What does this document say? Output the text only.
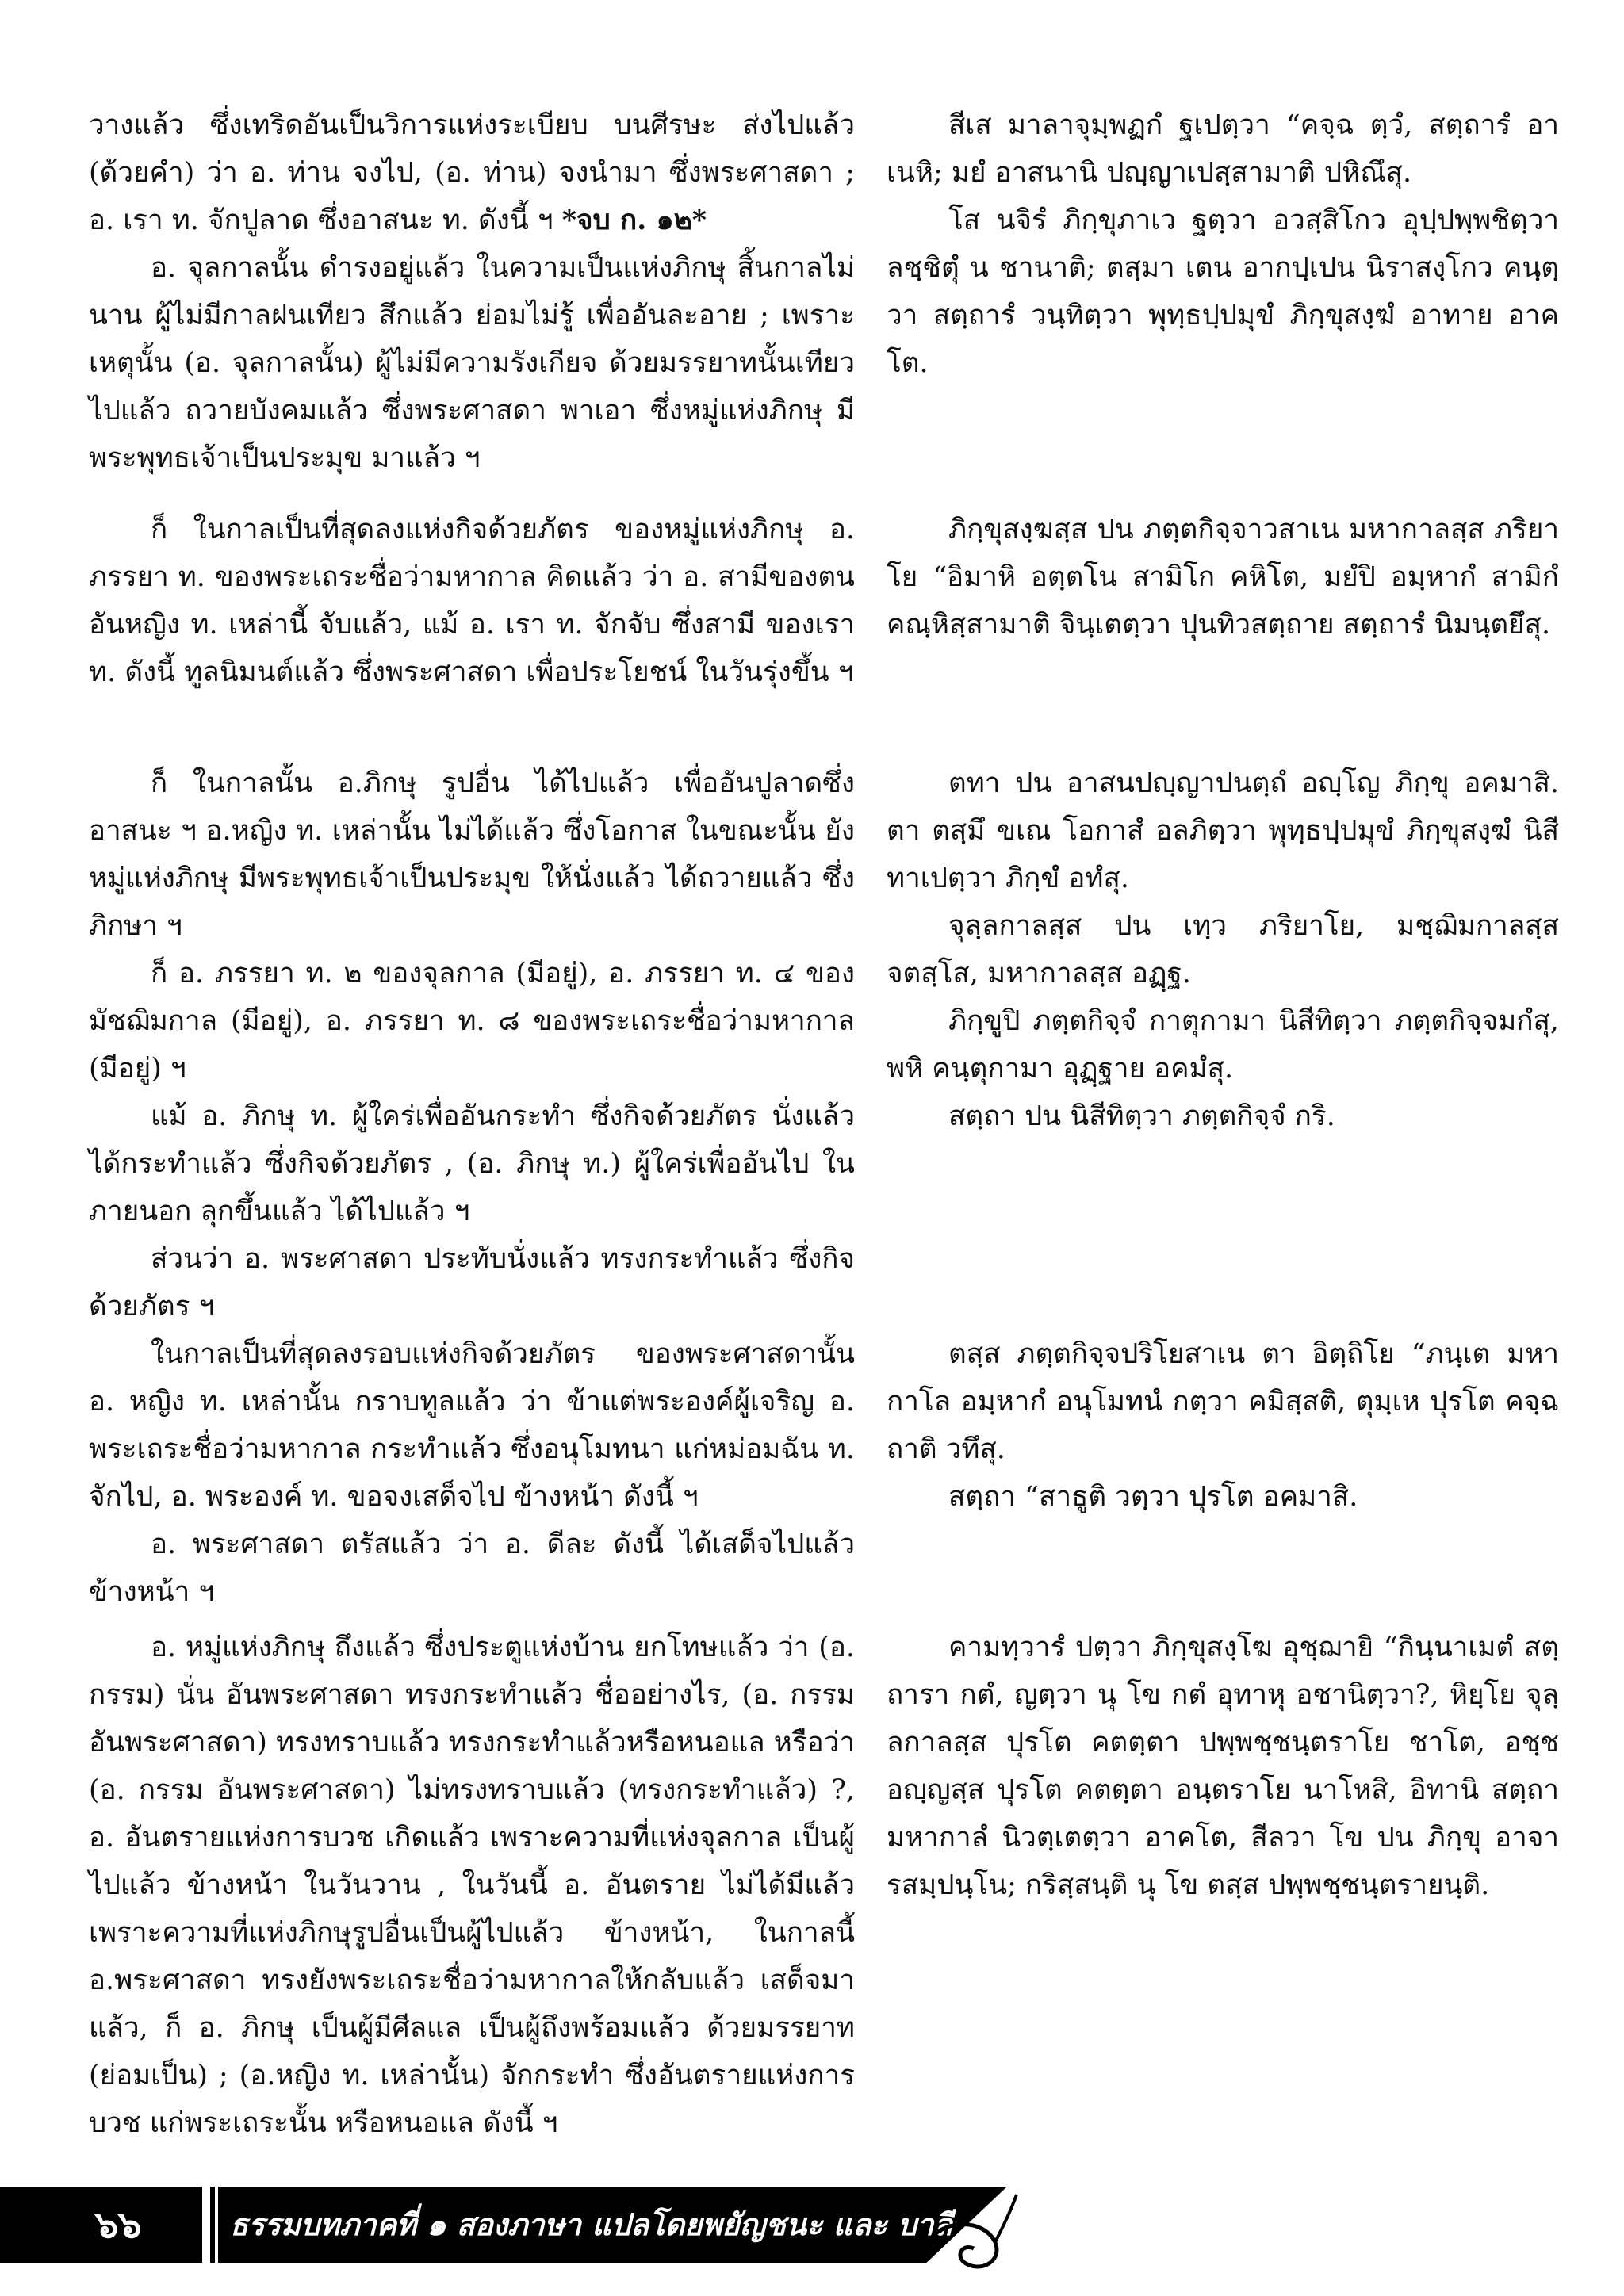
วางแล้ว ซึ่งเทริดอันเป็นวิการแห่งระเบียบ บนศีรษะ ส่งไปแล้ว (ด้วยคำ) ว่า อ. ท่าน จงไป, (อ. ท่าน) จงนำมา ซึ่งพระศาสดา ; อ. เรา ท. จักปูลาด ซึ่งอาสนะ ท. ดังนี้ ฯ *จบ ก. ๑๒*

อ. จุลกาลนั้น ดำรงอยู่แล้ว ในความเป็นแห่งภิกษุ สิ้นกาลไม่นาน ผู้ไม่มีกาลฝนเทียว สึกแล้ว ย่อมไม่รู้ เพื่ออันละอาย ; เพราะเหตุนั้น (อ. จุลกาลนั้น) ผู้ไม่มีความรังเกียจ ด้วยมรรยาทนั้นเทียว ไปแล้ว ถวายบังคมแล้ว ซึ่งพระศาสดา พาเอา ซึ่งหมู่แห่งภิกษุ มีพระพุทธเจ้าเป็นประมุข มาแล้ว ฯ

สีเส มาลาจุมฺพฏกํ ฐเปตฺวา “คจฺฉ ตฺวํ, สตฺถารํ อาเนหิ; มยํ อาสนานิ ปญฺญาเปสฺสามาติ ปหิณึสุ.

โส นจิรํ ภิกฺขุภาเว ฐตฺวา อวสฺสิโกว อุปฺปพฺพชิตฺวา ลชฺชิตุํ น ชานาติ; ตสฺมา เตน อากปฺเปน นิราสงฺโกว คนฺตฺวา สตฺถารํ วนฺทิตฺวา พุทฺธปฺปมุขํ ภิกฺขุสงฺฆํ อาทาย อาคโต.

ก็ ในกาลเป็นที่สุดลงแห่งกิจด้วยภัตร ของหมู่แห่งภิกษุ อ. ภรรยา ท. ของพระเถระชื่อว่ามหากาล คิดแล้ว ว่า อ. สามีของตน อันหญิง ท. เหล่านี้ จับแล้ว, แม้ อ. เรา ท. จักจับ ซึ่งสามี ของเรา ท. ดังนี้ ทูลนิมนต์แล้ว ซึ่งพระศาสดา เพื่อประโยชน์ ในวันรุ่งขึ้น ฯ

ภิกฺขุสงฺฆสฺส ปน ภตฺตกิจฺจาวสาเน มหากาลสฺส ภริยาโย “อิมาหิ อตฺตโน สามิโก คหิโต, มยํปิ อมฺหากํ สามิกํ คณฺหิสฺสามาติ จินฺเตตฺวา ปุนทิวสตฺถาย สตฺถารํ นิมนฺตยึสุ.

ก็ ในกาลนั้น อ.ภิกษุ รูปอื่น ได้ไปแล้ว เพื่ออันปูลาดซึ่งอาสนะ ฯ อ.หญิง ท. เหล่านั้น ไม่ได้แล้ว ซึ่งโอกาส ในขณะนั้น ยังหมู่แห่งภิกษุ มีพระพุทธเจ้าเป็นประมุข ให้นั่งแล้ว ได้ถวายแล้ว ซึ่งภิกษา ฯ

ก็ อ. ภรรยา ท. ๒ ของจุลกาล (มีอยู่), อ. ภรรยา ท. ๔ ของมัชฌิมกาล (มีอยู่), อ. ภรรยา ท. ๘ ของพระเถระชื่อว่ามหากาล (มีอยู่) ฯ

แม้ อ. ภิกษุ ท. ผู้ใคร่เพื่ออันกระทำ ซึ่งกิจด้วยภัตร นั่งแล้ว ได้กระทำแล้ว ซึ่งกิจด้วยภัตร , (อ. ภิกษุ ท.) ผู้ใคร่เพื่ออันไป ในภายนอก ลุกขึ้นแล้ว ได้ไปแล้ว ฯ

ส่วนว่า อ. พระศาสดา ประทับนั่งแล้ว ทรงกระทำแล้ว ซึ่งกิจด้วยภัตร ฯ

ตทา ปน อาสนปญฺญาปนตฺถํ อญฺโญ ภิกฺขุ อคมาสิ. ตา ตสฺมึ ขเณ โอกาสํ อลภิตฺวา พุทฺธปฺปมุขํ ภิกฺขุสงฺฆํ นิสีทาเปตฺวา ภิกฺขํ อทํสุ.

จุลฺลกาลสฺส ปน เทฺว ภริยาโย, มชฺฌิมกาลสฺส จตสฺโส, มหากาลสฺส อฏฺฐ.

ภิกฺขูปิ ภตฺตกิจฺจํ กาตุกามา นิสีทิตฺวา ภตฺตกิจฺจมกํสุ, พหิ คนฺตุกามา อุฏฺฐาย อคมํสุ.

สตฺถา ปน นิสีทิตฺวา ภตฺตกิจฺจํ กริ.

ในกาลเป็นที่สุดลงรอบแห่งกิจด้วยภัตร ของพระศาสดานั้น อ. หญิง ท. เหล่านั้น กราบทูลแล้ว ว่า ข้าแต่พระองค์ผู้เจริญ อ. พระเถระชื่อว่ามหากาล กระทำแล้ว ซึ่งอนุโมทนา แก่หม่อมฉัน ท. จักไป, อ. พระองค์ ท. ขอจงเสด็จไป ข้างหน้า ดังนี้ ฯ

อ. พระศาสดา ตรัสแล้ว ว่า อ. ดีละ ดังนี้ ได้เสด็จไปแล้ว ข้างหน้า ฯ

ตสฺส ภตฺตกิจฺจปริโยสาเน ตา อิตฺถิโย “ภนฺเต มหากาโล อมฺหากํ อนุโมทนํ กตฺวา คมิสฺสติ, ตุมฺเห ปุรโต คจฺฉถาติ วทึสุ.

สตฺถา “สาธูติ วตฺวา ปุรโต อคมาสิ.

อ. หมู่แห่งภิกษุ ถึงแล้ว ซึ่งประตูแห่งบ้าน ยกโทษแล้ว ว่า (อ. กรรม) นั่น อันพระศาสดา ทรงกระทำแล้ว ชื่ออย่างไร, (อ. กรรม อันพระศาสดา) ทรงทราบแล้ว ทรงกระทำแล้วหรือหนอแล หรือว่า (อ. กรรม อันพระศาสดา) ไม่ทรงทราบแล้ว (ทรงกระทำแล้ว) ?, อ. อันตรายแห่งการบวช เกิดแล้ว เพราะความที่แห่งจุลกาล เป็นผู้ไปแล้ว ข้างหน้า ในวันวาน , ในวันนี้ อ. อันตราย ไม่ได้มีแล้ว เพราะความที่แห่งภิกษุรูปอื่นเป็นผู้ไปแล้ว ข้างหน้า, ในกาลนี้ อ.พระศาสดา ทรงยังพระเถระชื่อว่ามหากาลให้กลับแล้ว เสด็จมาแล้ว, ก็ อ. ภิกษุ เป็นผู้มีศีลแล เป็นผู้ถึงพร้อมแล้ว ด้วยมรรยาท (ย่อมเป็น) ; (อ.หญิง ท. เหล่านั้น) จักกระทำ ซึ่งอันตรายแห่งการบวช แก่พระเถระนั้น หรือหนอแล ดังนี้ ฯ

คามทฺวารํ ปตฺวา ภิกฺขุสงฺโฆ อุชฺฌายิ “กินฺนาเมตํ สตฺถารา กตํ, ญตฺวา นุ โข กตํ อุทาหุ อชานิตฺวา?, หิยฺโย จุลฺลกาลสฺส ปุรโต คตตฺตา ปพฺพชฺชนฺตราโย ชาโต, อชฺช อญฺญสฺส ปุรโต คตตฺตา อนฺตราโย นาโหสิ, อิทานิ สตฺถา มหากาลํ นิวตฺเตตฺวา อาคโต, สีลวา โข ปน ภิกฺขุ อาจารสมฺปนฺโน; กริสฺสนฺติ นุ โข ตสฺส ปพฺพชฺชนฺตรายนฺติ.

๖๖	ธรรมบทภาคที่ ๑ สองภาษา แปลโดยพยัญชนะ และ บาลี
